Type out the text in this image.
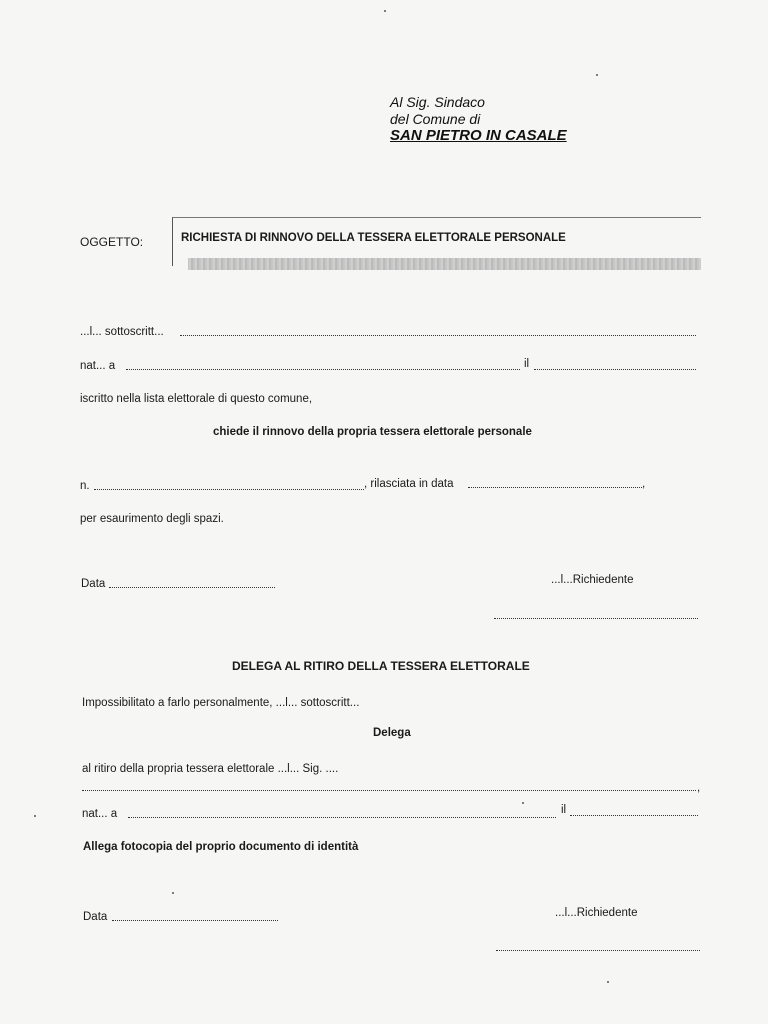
Al Sig. Sindaco
del Comune di
SAN PIETRO IN CASALE
OGGETTO:	RICHIESTA DI RINNOVO DELLA TESSERA ELETTORALE PERSONALE
...l... sottoscritt...
nat... a	il
iscritto nella lista elettorale di questo comune,
chiede il rinnovo della propria tessera elettorale personale
n.	, rilasciata in data	,
per esaurimento degli spazi.
Data	...l...Richiedente
DELEGA AL RITIRO DELLA TESSERA ELETTORALE
Impossibilitato a farlo personalmente, ...l... sottoscritt...
Delega
al ritiro della propria tessera elettorale ...l... Sig. ....
,
nat... a	il
Allega fotocopia del proprio documento di identità
Data	...l...Richiedente
